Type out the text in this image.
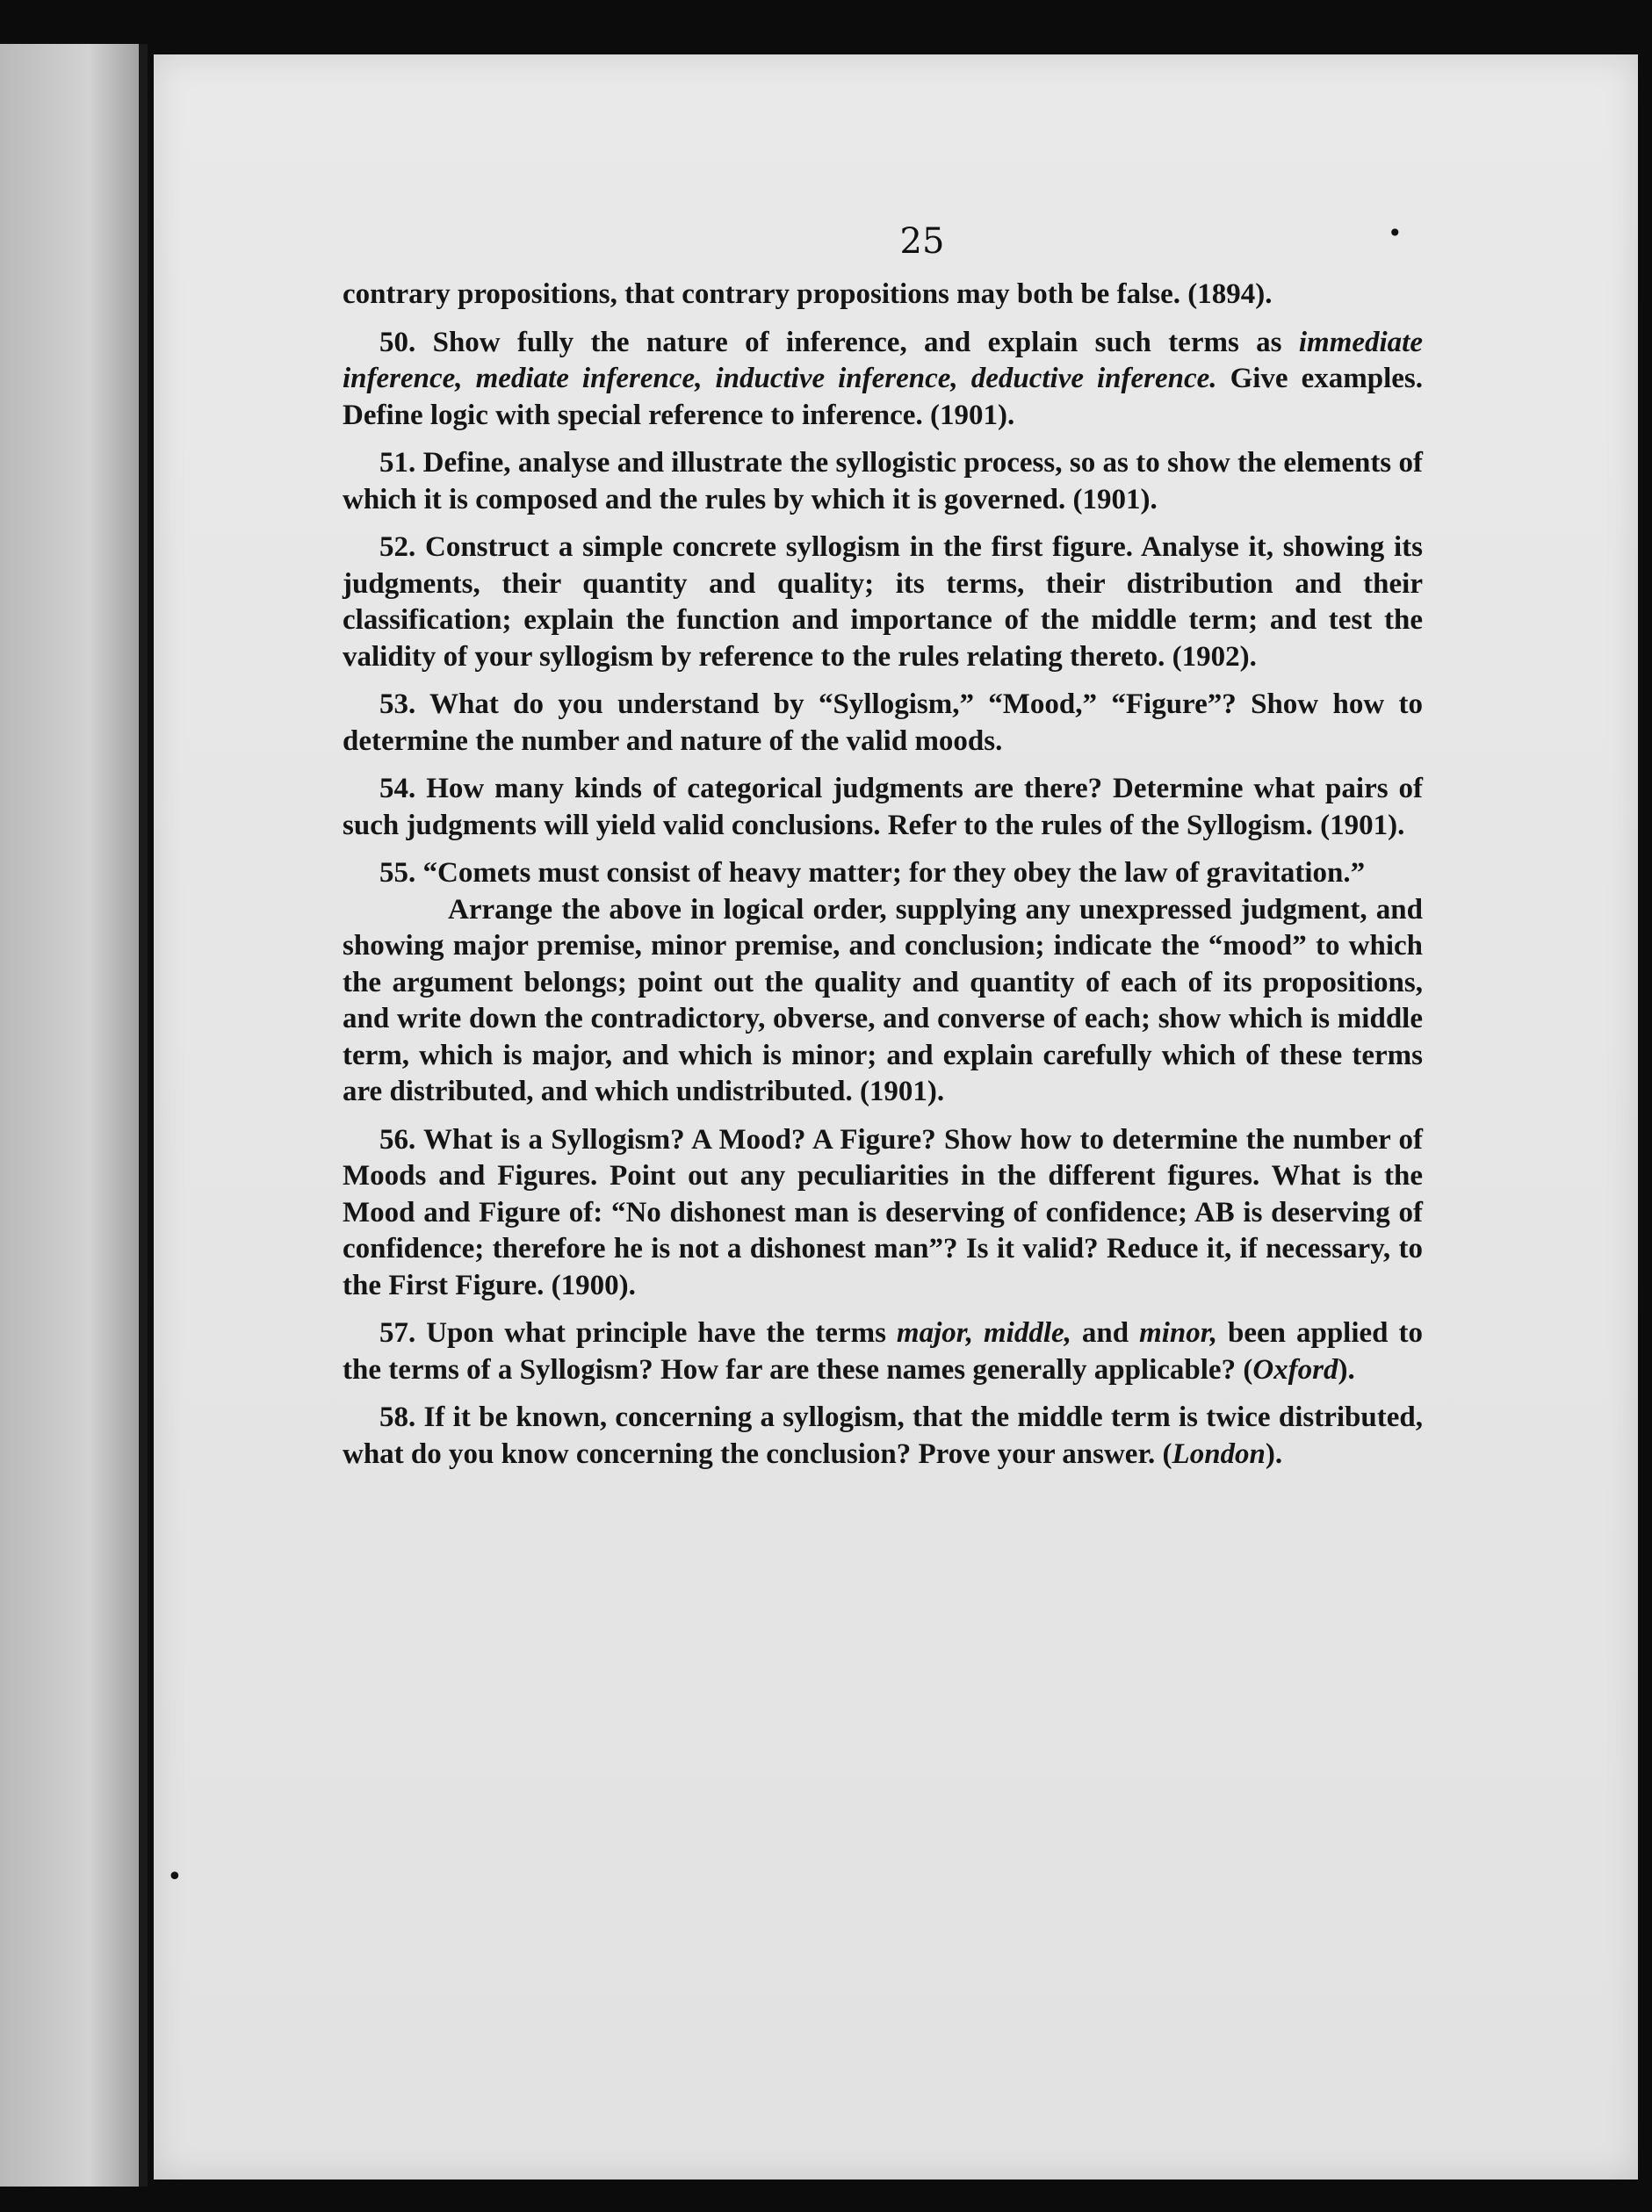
25	•

contrary propositions, that contrary propositions may both be false. (1894).

50. Show fully the nature of inference, and explain such terms as immediate inference, mediate inference, inductive inference, deductive inference. Give examples. Define logic with special reference to inference. (1901).

51. Define, analyse and illustrate the syllogistic process, so as to show the elements of which it is composed and the rules by which it is governed. (1901).

52. Construct a simple concrete syllogism in the first figure. Analyse it, showing its judgments, their quantity and quality; its terms, their distribution and their classification; explain the function and importance of the middle term; and test the validity of your syllogism by reference to the rules relating thereto. (1902).

53. What do you understand by “Syllogism,” “Mood,” “Figure”? Show how to determine the number and nature of the valid moods.

54. How many kinds of categorical judgments are there? Determine what pairs of such judgments will yield valid conclusions. Refer to the rules of the Syllogism. (1901).

55. “Comets must consist of heavy matter; for they obey the law of gravitation.”

Arrange the above in logical order, supplying any unexpressed judgment, and showing major premise, minor premise, and conclusion; indicate the “mood” to which the argument belongs; point out the quality and quantity of each of its propositions, and write down the contradictory, obverse, and converse of each; show which is middle term, which is major, and which is minor; and explain carefully which of these terms are distributed, and which undistributed. (1901).

56. What is a Syllogism? A Mood? A Figure? Show how to determine the number of Moods and Figures. Point out any peculiarities in the different figures. What is the Mood and Figure of: “No dishonest man is deserving of confidence; AB is deserving of confidence; therefore he is not a dishonest man”? Is it valid? Reduce it, if necessary, to the First Figure. (1900).

57. Upon what principle have the terms major, middle, and minor, been applied to the terms of a Syllogism? How far are these names generally applicable? (Oxford).

58. If it be known, concerning a syllogism, that the middle term is twice distributed, what do you know concerning the conclusion? Prove your answer. (London).

•
